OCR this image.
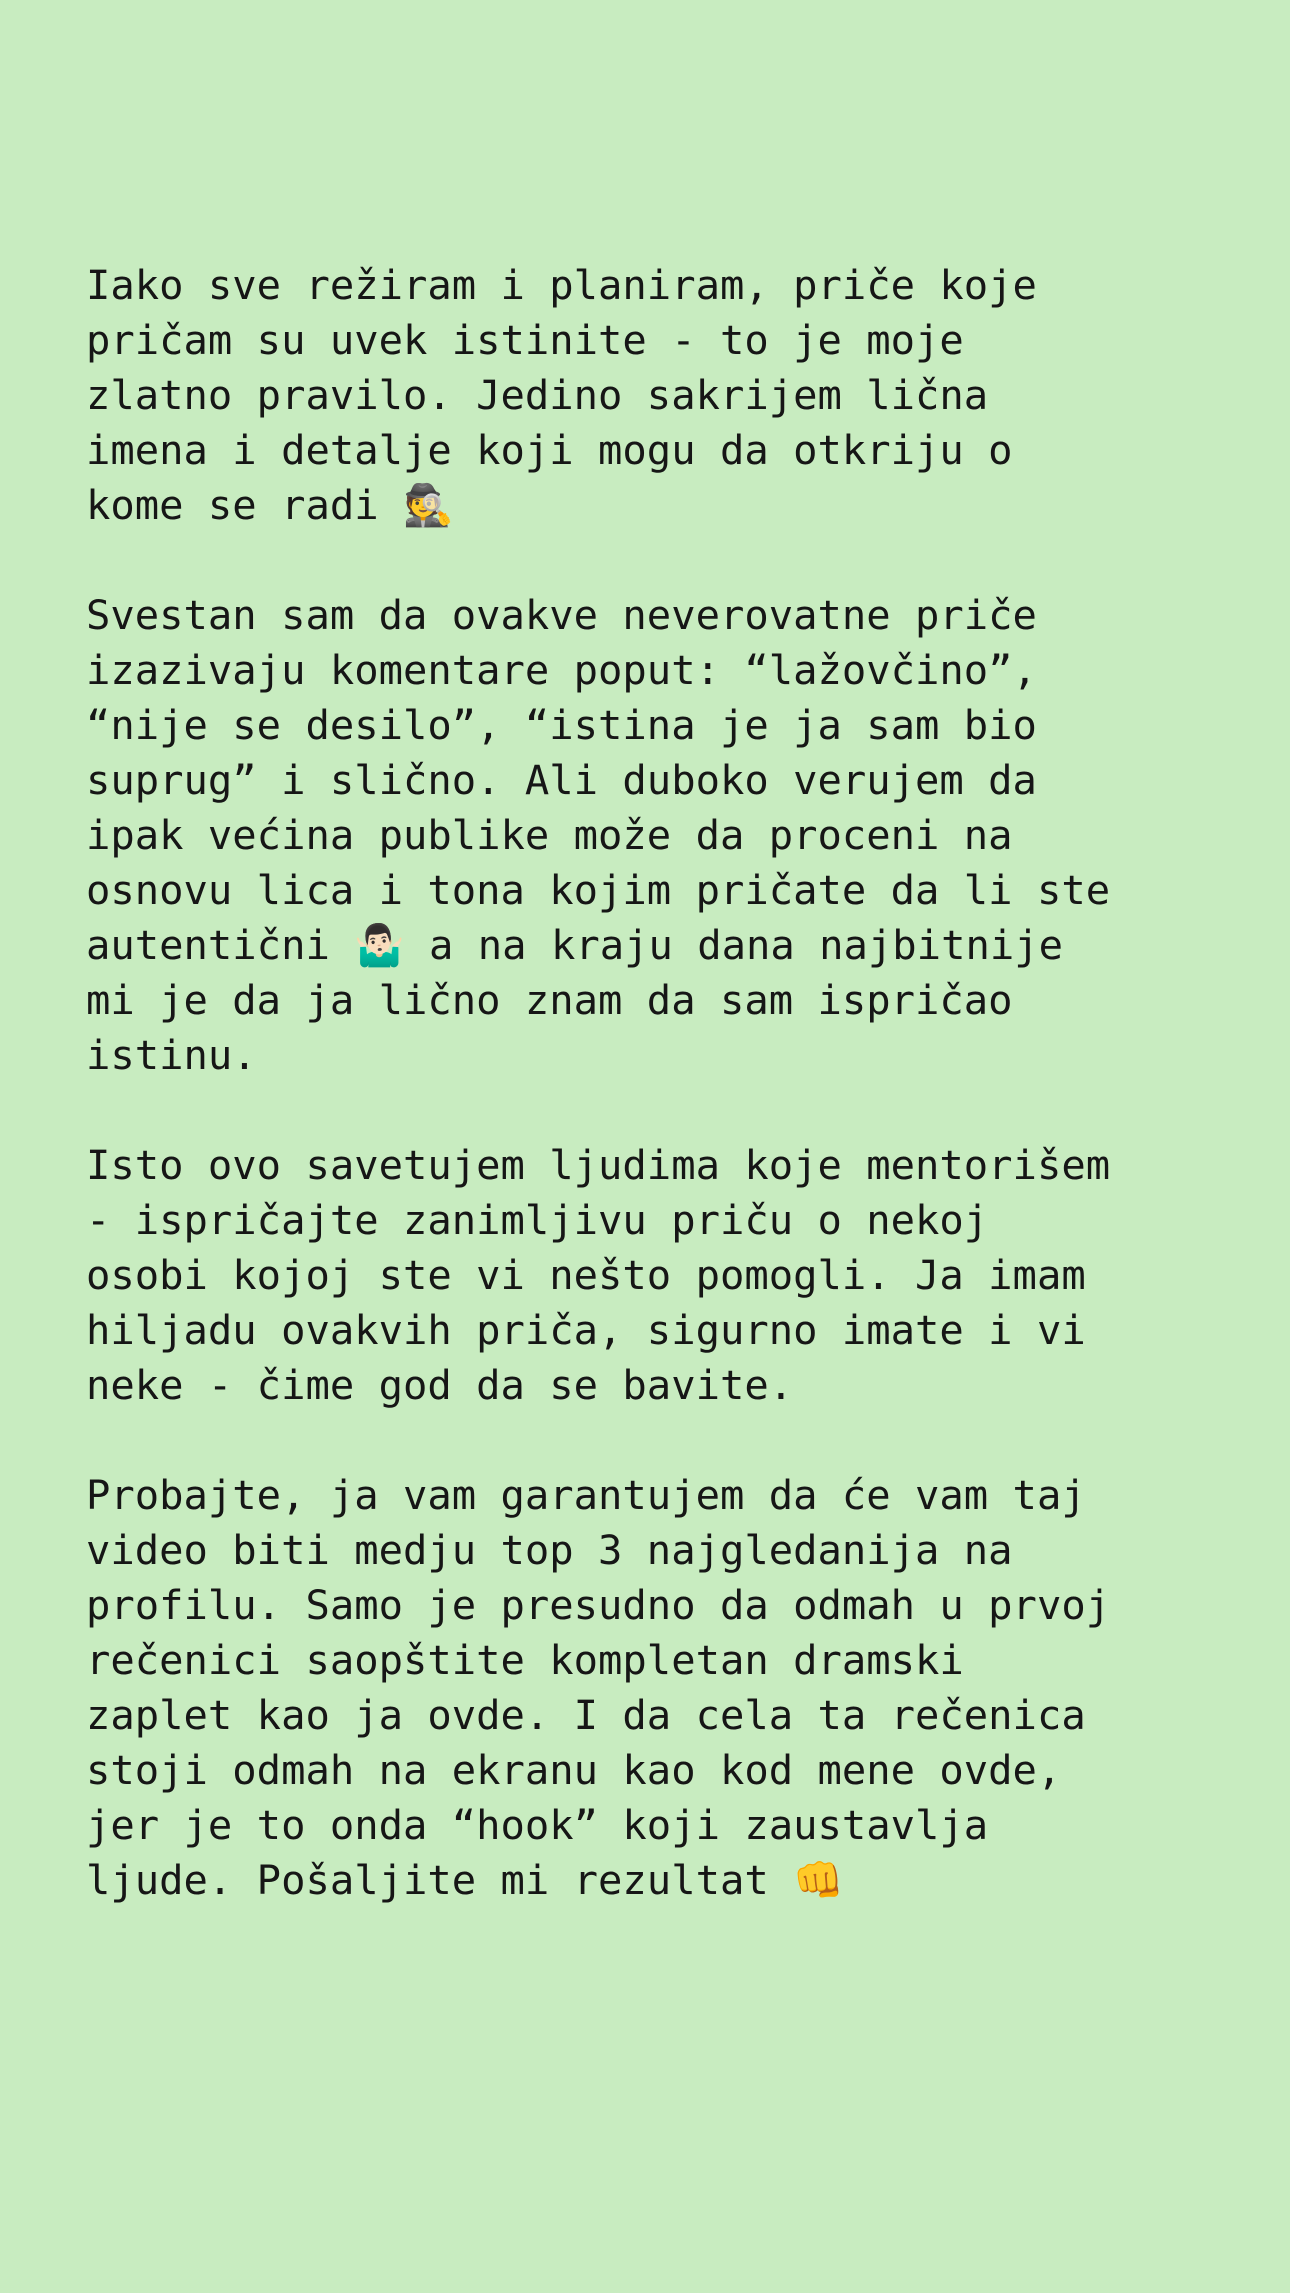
Iako sve režiram i planiram, priče koje
pričam su uvek istinite - to je moje
zlatno pravilo. Jedino sakrijem lična
imena i detalje koji mogu da otkriju o
kome se radi 🕵️
Svestan sam da ovakve neverovatne priče
izazivaju komentare poput: “lažovčino”,
“nije se desilo”, “istina je ja sam bio
suprug” i slično. Ali duboko verujem da
ipak većina publike može da proceni na
osnovu lica i tona kojim pričate da li ste
autentični 🤷🏻‍♂️ a na kraju dana najbitnije
mi je da ja lično znam da sam ispričao
istinu.
Isto ovo savetujem ljudima koje mentorišem
- ispričajte zanimljivu priču o nekoj
osobi kojoj ste vi nešto pomogli. Ja imam
hiljadu ovakvih priča, sigurno imate i vi
neke - čime god da se bavite.
Probajte, ja vam garantujem da će vam taj
video biti medju top 3 najgledanija na
profilu. Samo je presudno da odmah u prvoj
rečenici saopštite kompletan dramski
zaplet kao ja ovde. I da cela ta rečenica
stoji odmah na ekranu kao kod mene ovde,
jer je to onda “hook” koji zaustavlja
ljude. Pošaljite mi rezultat 👊
